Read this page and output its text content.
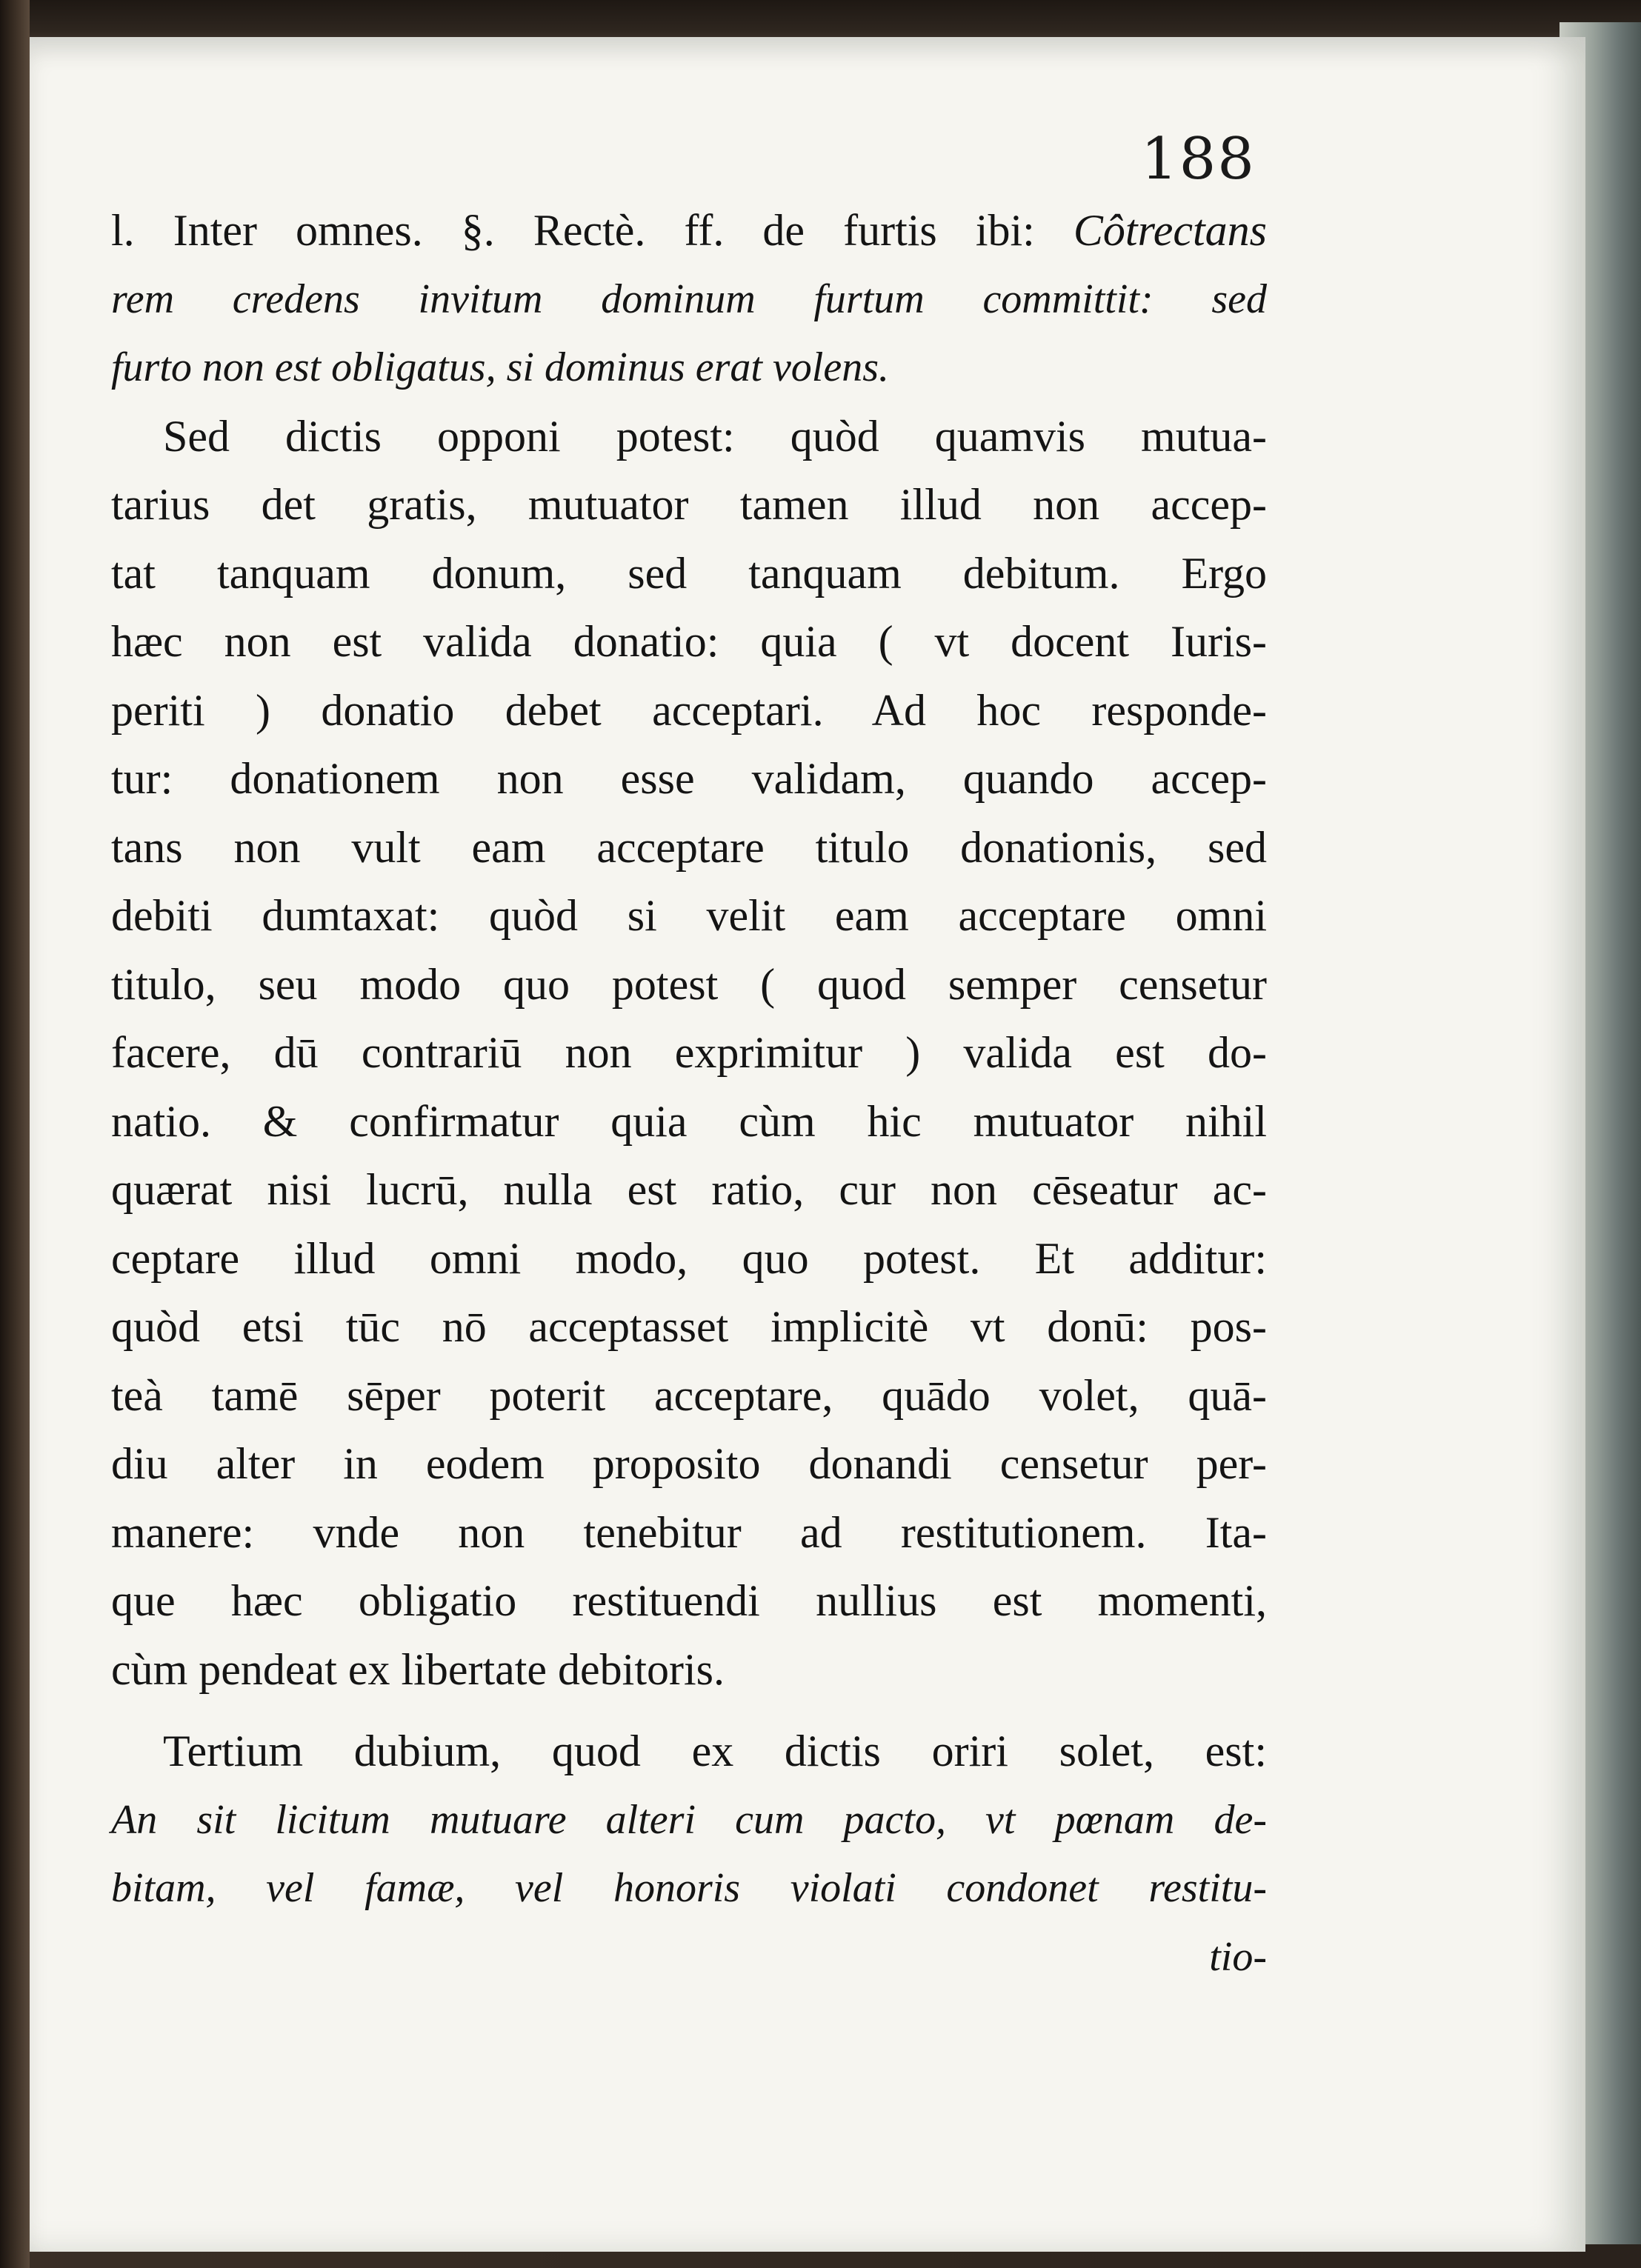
188
l. Inter omnes. §. Rectè. ff. de furtis ibi: Côtrectans
rem credens invitum dominum furtum committit: sed
furto non est obligatus, si dominus erat volens.
Sed dictis opponi potest: quòd quamvis mutua-
tarius det gratis, mutuator tamen illud non accep-
tat tanquam donum, sed tanquam debitum. Ergo
hæc non est valida donatio: quia ( vt docent Iuris-
periti ) donatio debet acceptari. Ad hoc responde-
tur: donationem non esse validam, quando accep-
tans non vult eam acceptare titulo donationis, sed
debiti dumtaxat: quòd si velit eam acceptare omni
titulo, seu modo quo potest ( quod semper censetur
facere, dū contrariū non exprimitur ) valida est do-
natio. & confirmatur quia cùm hic mutuator nihil
quærat nisi lucrū, nulla est ratio, cur non cēseatur ac-
ceptare illud omni modo, quo potest. Et additur:
quòd etsi tūc nō acceptasset implicitè vt donū: pos-
teà tamē sēper poterit acceptare, quādo volet, quā-
diu alter in eodem proposito donandi censetur per-
manere: vnde non tenebitur ad restitutionem. Ita-
que hæc obligatio restituendi nullius est momenti,
cùm pendeat ex libertate debitoris.
Tertium dubium, quod ex dictis oriri solet, est:
An sit licitum mutuare alteri cum pacto, vt pœnam de-
bitam, vel famæ, vel honoris violati condonet restitu-
tio-
